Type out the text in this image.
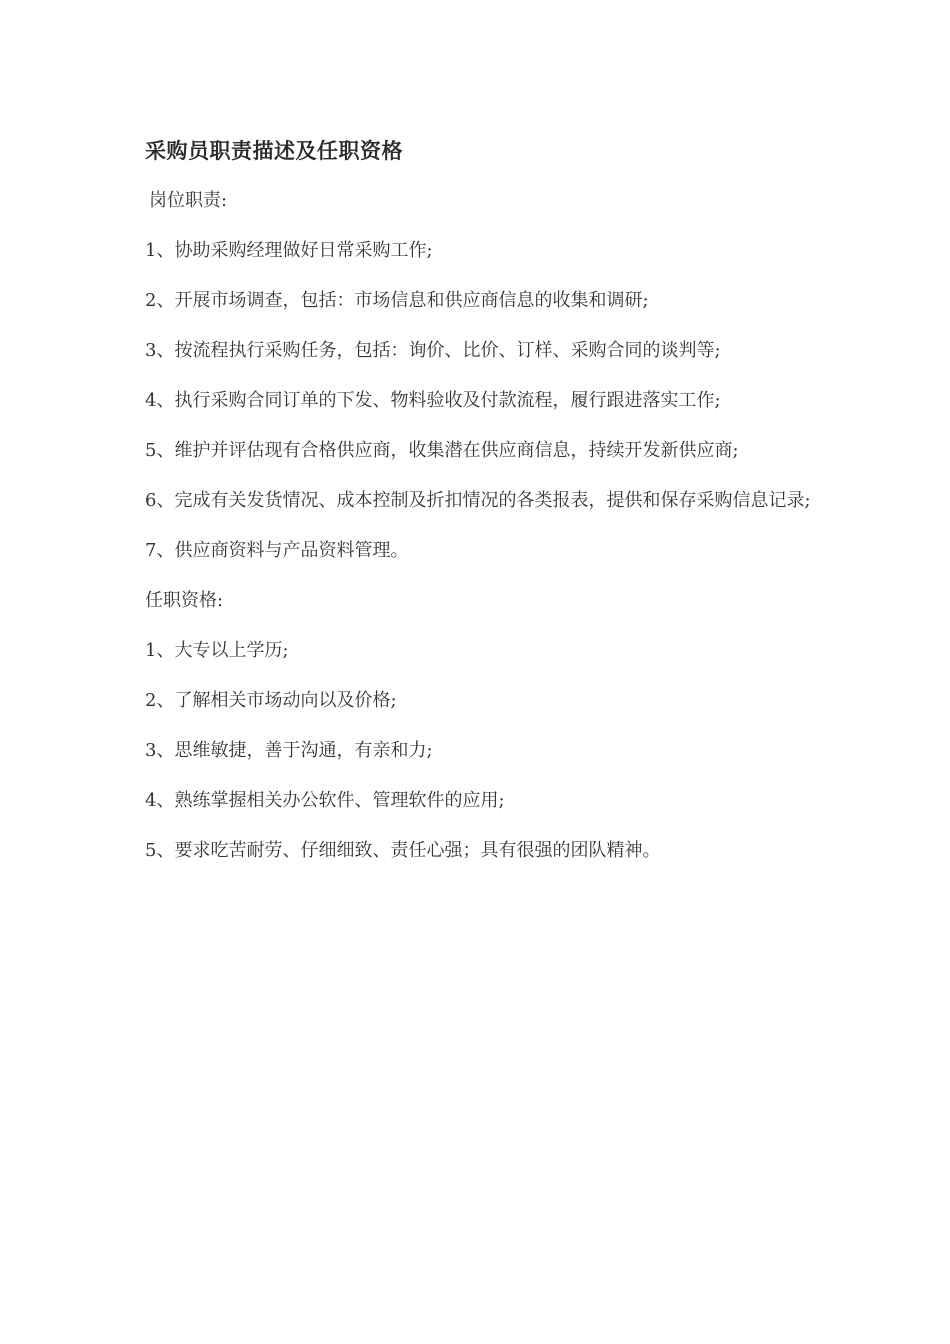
采购员职责描述及任职资格
岗位职责:
1、协助采购经理做好日常采购工作;
2、开展市场调查，包括：市场信息和供应商信息的收集和调研;
3、按流程执行采购任务，包括：询价、比价、订样、采购合同的谈判等;
4、执行采购合同订单的下发、物料验收及付款流程，履行跟进落实工作;
5、维护并评估现有合格供应商，收集潜在供应商信息，持续开发新供应商;
6、完成有关发货情况、成本控制及折扣情况的各类报表，提供和保存采购信息记录;
7、供应商资料与产品资料管理。
任职资格:
1、大专以上学历;
2、了解相关市场动向以及价格;
3、思维敏捷，善于沟通，有亲和力;
4、熟练掌握相关办公软件、管理软件的应用;
5、要求吃苦耐劳、仔细细致、责任心强；具有很强的团队精神。
